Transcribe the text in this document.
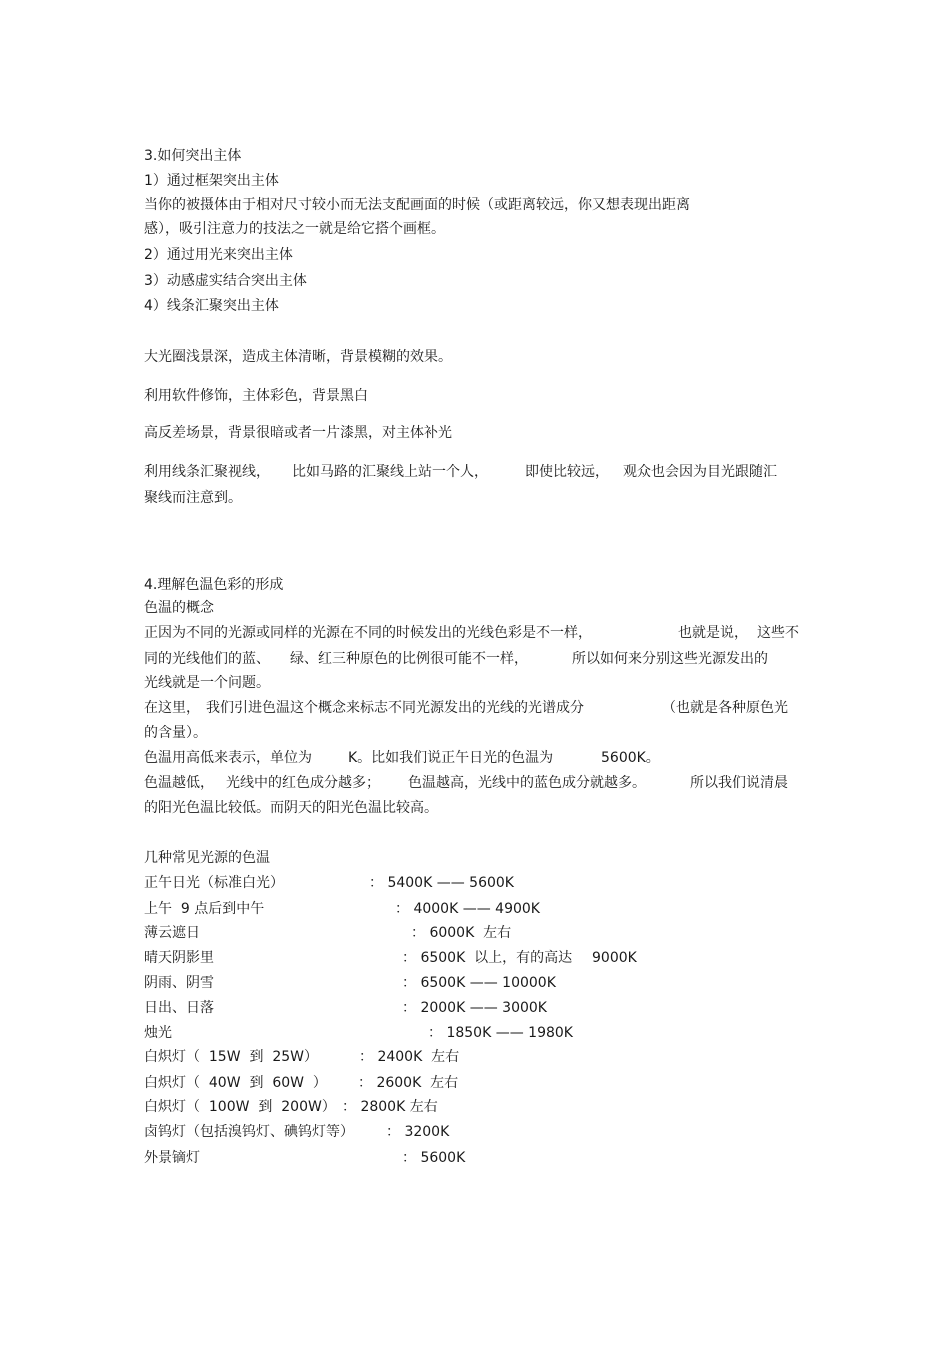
3.如何突出主体
1）通过框架突出主体
当你的被摄体由于相对尺寸较小而无法支配画面的时候（或距离较远，你又想表现出距离
感），吸引注意力的技法之一就是给它搭个画框。
2）通过用光来突出主体
3）动感虚实结合突出主体
4）线条汇聚突出主体
大光圈浅景深，造成主体清晰，背景模糊的效果。
利用软件修饰，主体彩色，背景黑白
高反差场景，背景很暗或者一片漆黑，对主体补光
利用线条汇聚视线， 比如马路的汇聚线上站一个人，	即使比较远， 观众也会因为目光跟随汇
聚线而注意到。
4.理解色温色彩的形成
色温的概念
正因为不同的光源或同样的光源在不同的时候发出的光线色彩是不一样，	也就是说， 这些不
同的光线他们的蓝、 绿、红三种原色的比例很可能不一样，	所以如何来分别这些光源发出的
光线就是一个问题。
在这里， 我们引进色温这个概念来标志不同光源发出的光线的光谱成分	（也就是各种原色光
的含量）。
色温用高低来表示，单位为	K。比如我们说正午日光的色温为	5600K。
色温越低， 光线中的红色成分越多； 色温越高，光线中的蓝色成分就越多。	所以我们说清晨
的阳光色温比较低。而阴天的阳光色温比较高。
几种常见光源的色温
正午日光（标准白光）	： 5400K —— 5600K
上午  9 点后到中午	： 4000K —— 4900K
薄云遮日	： 6000K  左右
晴天阴影里	： 6500K  以上，有的高达 9000K
阴雨、阴雪	： 6500K —— 10000K
日出、日落	： 2000K —— 3000K
烛光	： 1850K —— 1980K
白炽灯（  15W  到  25W）	： 2400K  左右
白炽灯（  40W  到  60W  ） ： 2600K  左右
白炽灯（  100W  到  200W） ： 2800K 左右
卤钨灯（包括溴钨灯、碘钨灯等） ： 3200K
外景镝灯	： 5600K
